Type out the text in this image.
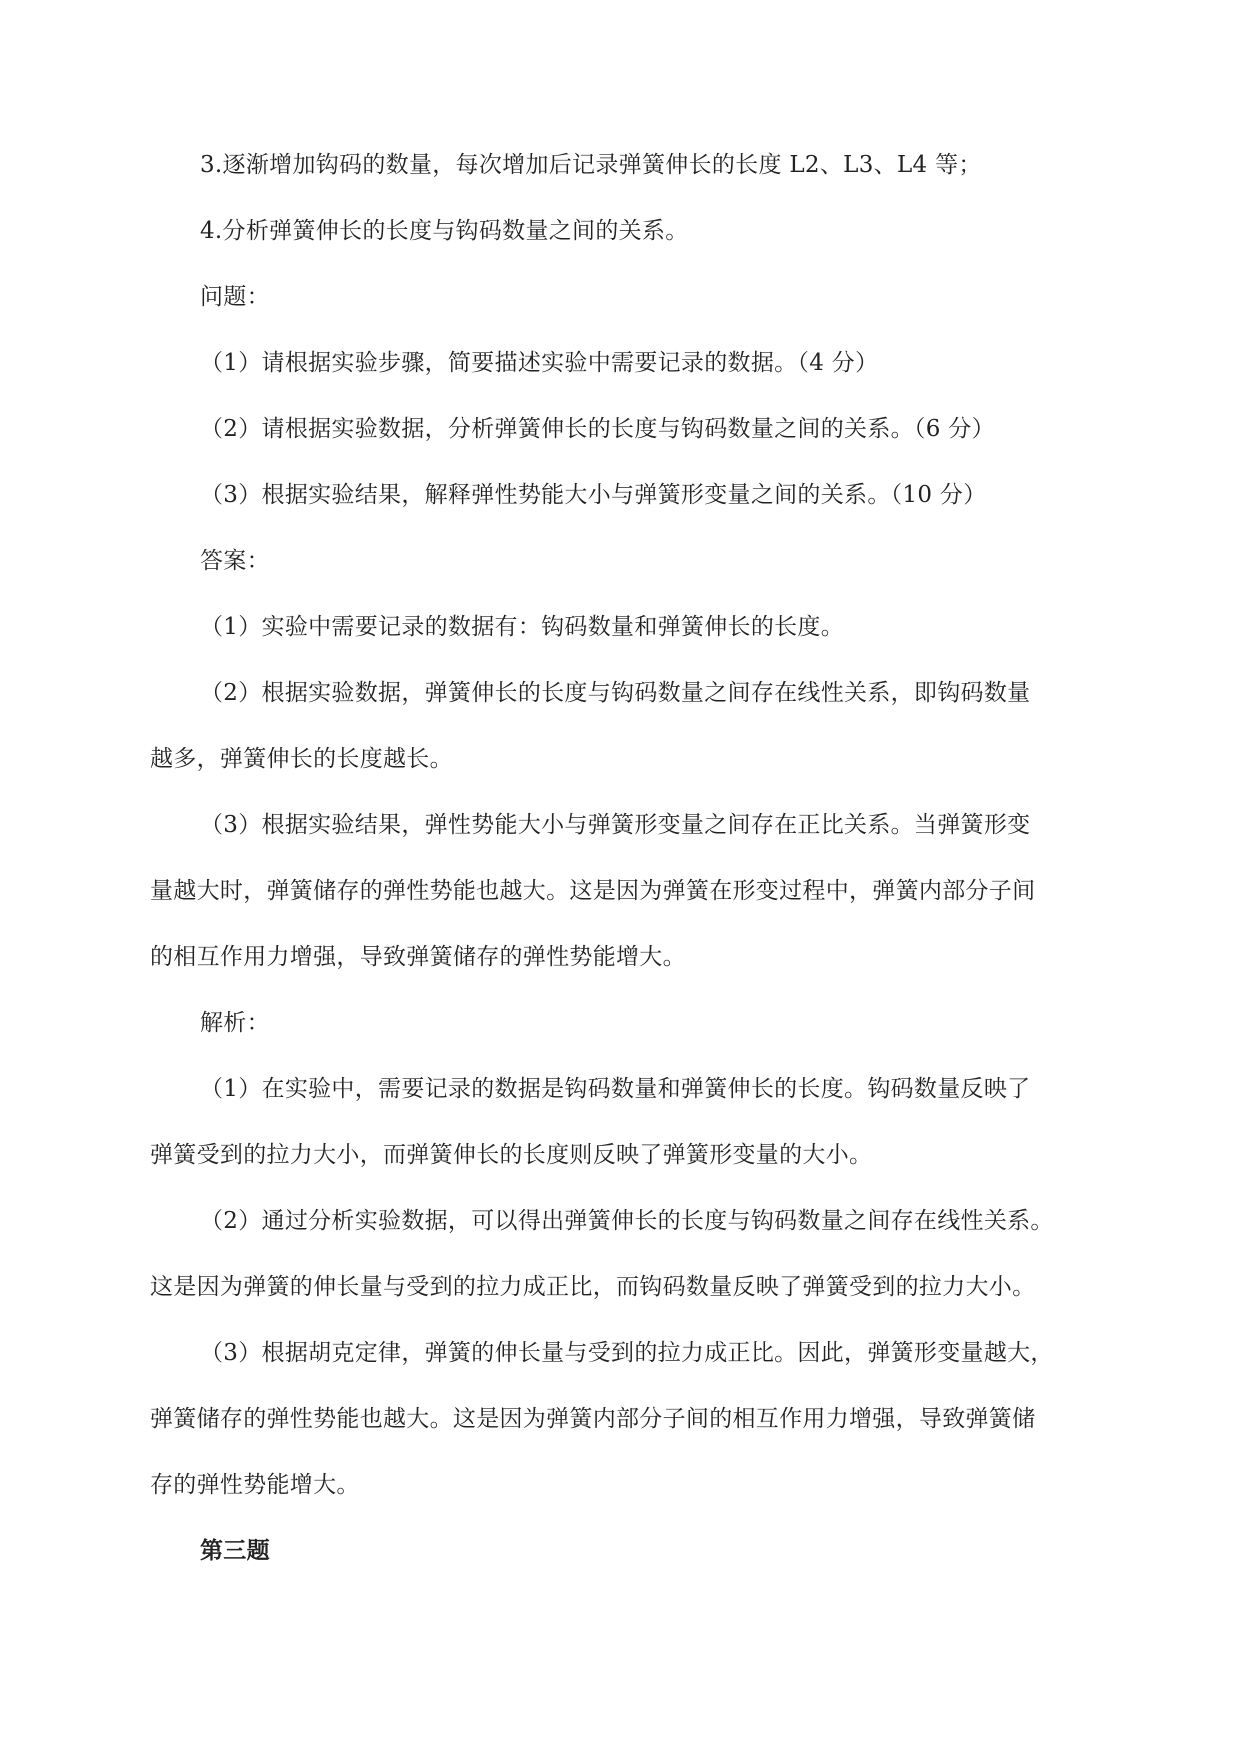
3.逐渐增加钩码的数量，每次增加后记录弹簧伸长的长度 L2、L3、L4 等；
4.分析弹簧伸长的长度与钩码数量之间的关系。
问题：
（1）请根据实验步骤，简要描述实验中需要记录的数据。（4 分）
（2）请根据实验数据，分析弹簧伸长的长度与钩码数量之间的关系。（6 分）
（3）根据实验结果，解释弹性势能大小与弹簧形变量之间的关系。（10 分）
答案：
（1）实验中需要记录的数据有：钩码数量和弹簧伸长的长度。
（2）根据实验数据，弹簧伸长的长度与钩码数量之间存在线性关系，即钩码数量
越多，弹簧伸长的长度越长。
（3）根据实验结果，弹性势能大小与弹簧形变量之间存在正比关系。当弹簧形变
量越大时，弹簧储存的弹性势能也越大。这是因为弹簧在形变过程中，弹簧内部分子间
的相互作用力增强，导致弹簧储存的弹性势能增大。
解析：
（1）在实验中，需要记录的数据是钩码数量和弹簧伸长的长度。钩码数量反映了
弹簧受到的拉力大小，而弹簧伸长的长度则反映了弹簧形变量的大小。
（2）通过分析实验数据，可以得出弹簧伸长的长度与钩码数量之间存在线性关系。
这是因为弹簧的伸长量与受到的拉力成正比，而钩码数量反映了弹簧受到的拉力大小。
（3）根据胡克定律，弹簧的伸长量与受到的拉力成正比。因此，弹簧形变量越大，
弹簧储存的弹性势能也越大。这是因为弹簧内部分子间的相互作用力增强，导致弹簧储
存的弹性势能增大。
第三题
